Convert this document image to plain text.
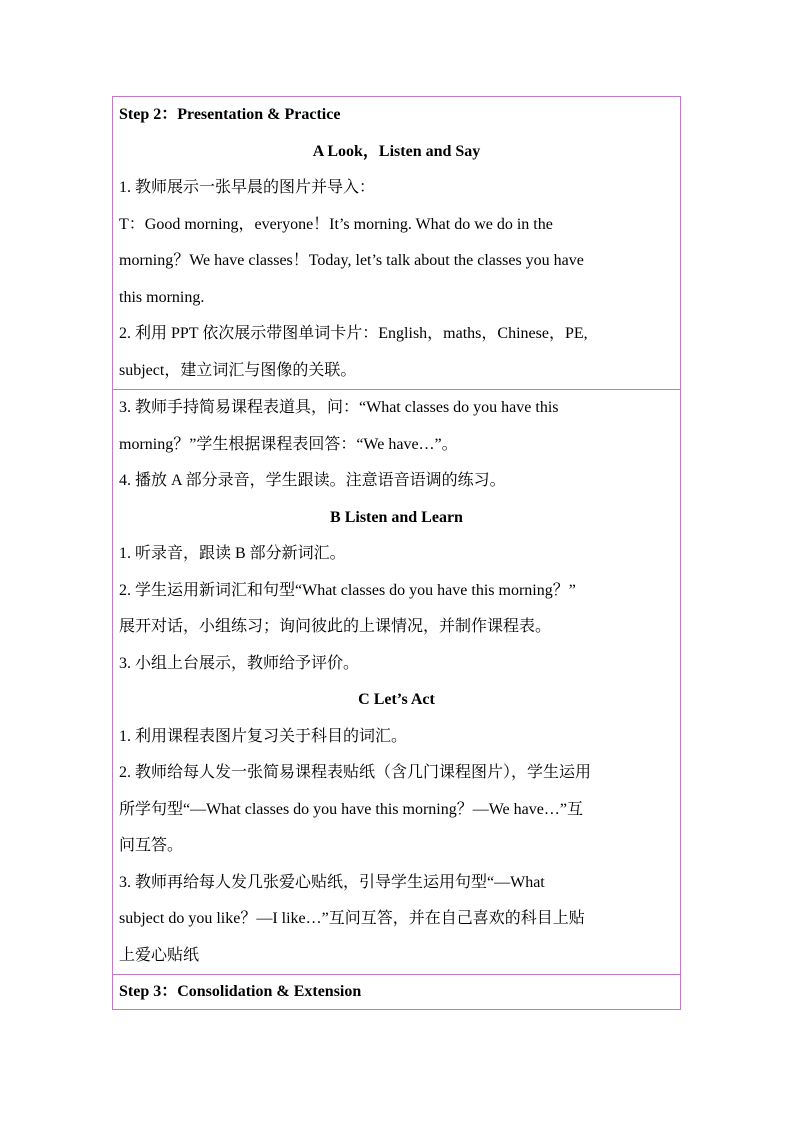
Step 2：Presentation & Practice
A Look，Listen and Say
1. 教师展示一张早晨的图片并导入：
T：Good morning，everyone！It’s morning. What do we do in the
morning？We have classes！Today, let’s talk about the classes you have
this morning.
2. 利用 PPT 依次展示带图单词卡片：English，maths，Chinese，PE,
subject，建立词汇与图像的关联。

3. 教师手持简易课程表道具，问：“What classes do you have this
morning？”学生根据课程表回答：“We have…”。
4. 播放 A 部分录音，学生跟读。注意语音语调的练习。
B Listen and Learn
1. 听录音，跟读 B 部分新词汇。
2. 学生运用新词汇和句型“What classes do you have this morning？”
展开对话，小组练习；询问彼此的上课情况，并制作课程表。
3. 小组上台展示，教师给予评价。
C Let’s Act
1. 利用课程表图片复习关于科目的词汇。
2. 教师给每人发一张简易课程表贴纸（含几门课程图片），学生运用
所学句型“—What classes do you have this morning？—We have…”互
问互答。
3. 教师再给每人发几张爱心贴纸，引导学生运用句型“—What
subject do you like？—I like…”互问互答，并在自己喜欢的科目上贴
上爱心贴纸

Step 3：Consolidation & Extension
